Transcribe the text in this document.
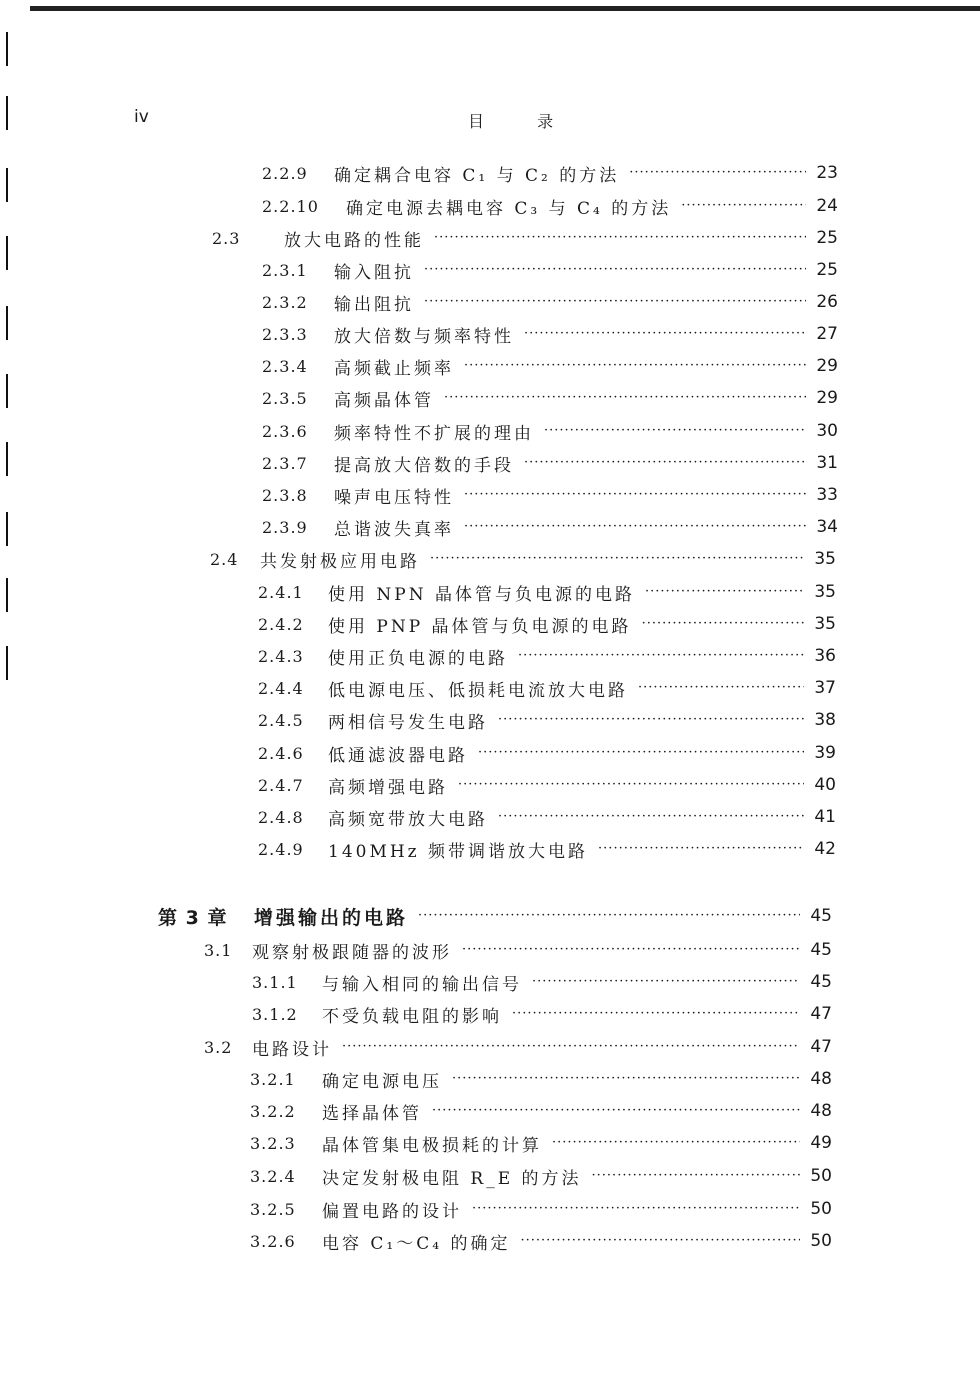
iv	目 录
2.2.9	确定耦合电容 C₁ 与 C₂ 的方法 ·····	23
2.2.10	确定电源去耦电容 C₃ 与 C₄ 的方法 ·····	24
2.3	放大电路的性能 ·····	25
2.3.1	输入阻抗 ·····	25
2.3.2	输出阻抗 ·····	26
2.3.3	放大倍数与频率特性 ·····	27
2.3.4	高频截止频率 ·····	29
2.3.5	高频晶体管 ·····	29
2.3.6	频率特性不扩展的理由 ·····	30
2.3.7	提高放大倍数的手段 ·····	31
2.3.8	噪声电压特性 ·····	33
2.3.9	总谐波失真率 ·····	34
2.4	共发射极应用电路 ·····	35
2.4.1	使用 NPN 晶体管与负电源的电路 ·····	35
2.4.2	使用 PNP 晶体管与负电源的电路 ·····	35
2.4.3	使用正负电源的电路 ·····	36
2.4.4	低电源电压、低损耗电流放大电路 ·····	37
2.4.5	两相信号发生电路 ·····	38
2.4.6	低通滤波器电路 ·····	39
2.4.7	高频增强电路 ·····	40
2.4.8	高频宽带放大电路 ·····	41
2.4.9	140MHz 频带调谐放大电路 ·····	42
第 3 章	增强输出的电路 ·····	45
3.1	观察射极跟随器的波形 ·····	45
3.1.1	与输入相同的输出信号 ·····	45
3.1.2	不受负载电阻的影响 ·····	47
3.2	电路设计 ·····	47
3.2.1	确定电源电压 ·····	48
3.2.2	选择晶体管 ·····	48
3.2.3	晶体管集电极损耗的计算 ·····	49
3.2.4	决定发射极电阻 R_E 的方法 ·····	50
3.2.5	偏置电路的设计 ·····	50
3.2.6	电容 C₁～C₄ 的确定 ·····	50
